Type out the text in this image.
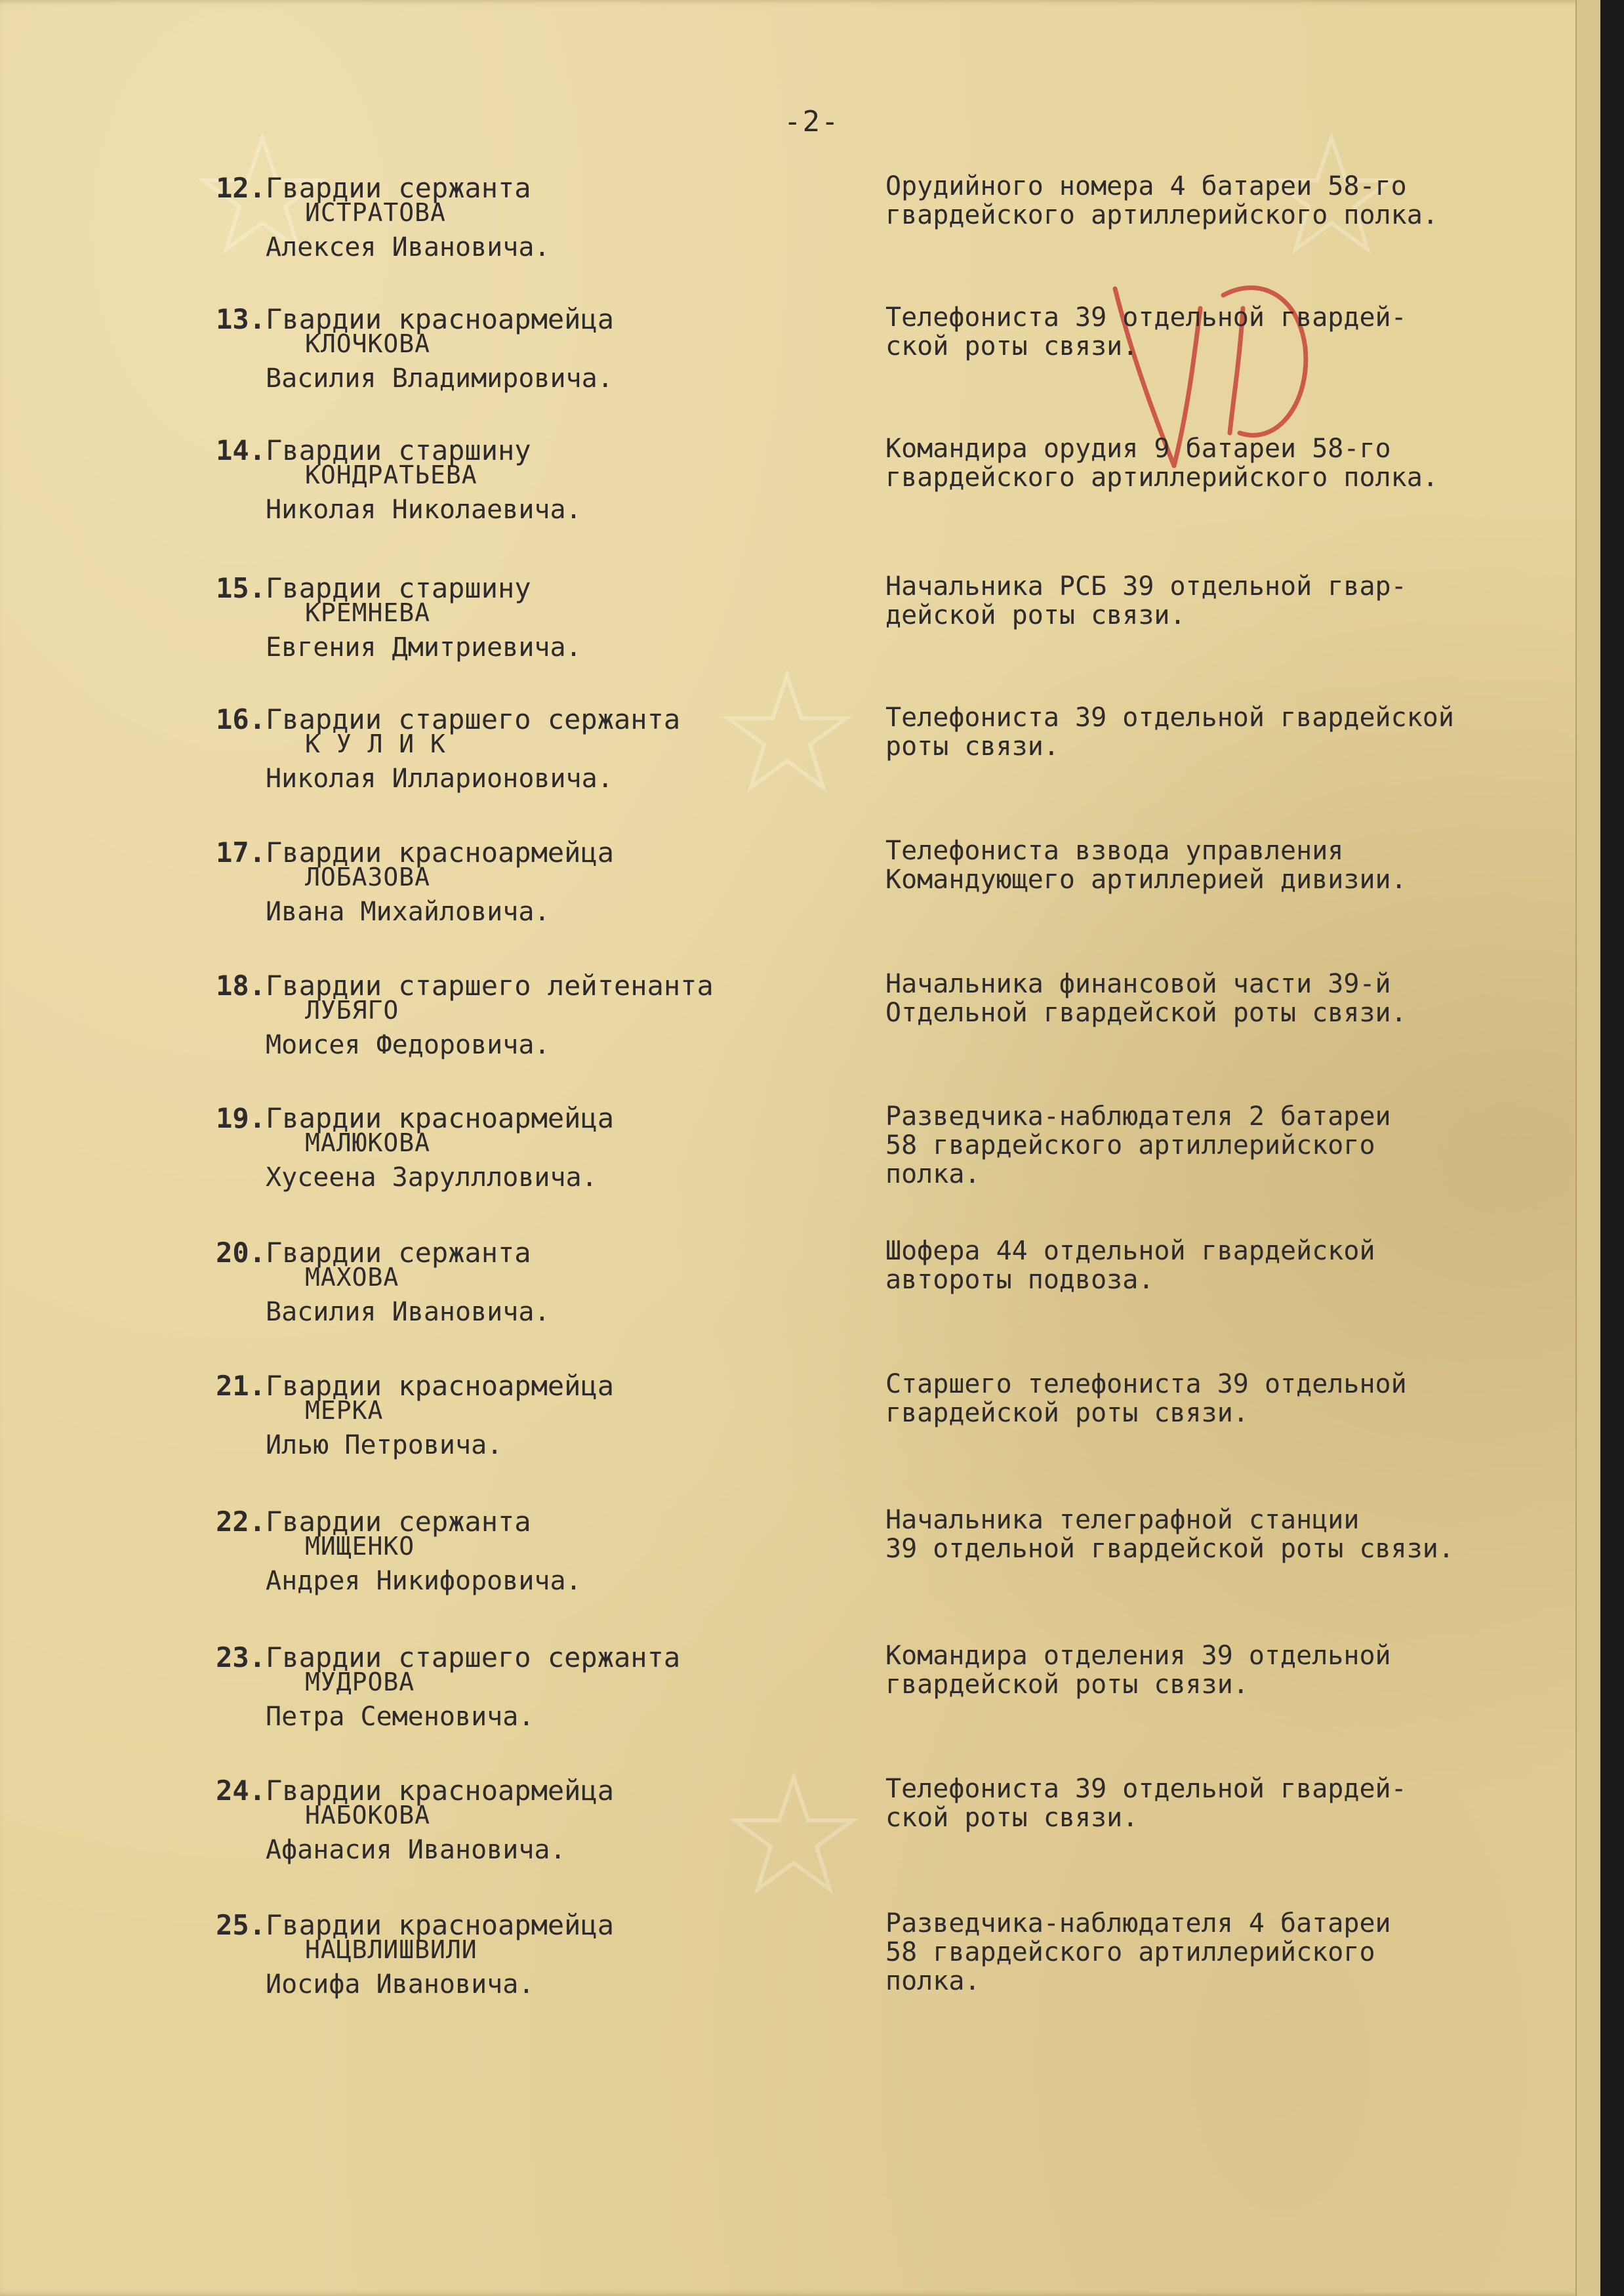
-2-
12. Гвардии сержанта
ИСТРАТОВА
Алексея Ивановича.
Орудийного номера 4 батареи 58-го
гвардейского артиллерийского полка.
13. Гвардии красноармейца
КЛОЧКОВА
Василия Владимировича.
Телефониста 39 отдельной гвардей-
ской роты связи.
14. Гвардии старшину
КОНДРАТЬЕВА
Николая Николаевича.
Командира орудия 9 батареи 58-го
гвардейского артиллерийского полка.
15. Гвардии старшину
КРЕМНЕВА
Евгения Дмитриевича.
Начальника РСБ 39 отдельной гвар-
дейской роты связи.
16. Гвардии старшего сержанта
К У Л И К
Николая Илларионовича.
Телефониста 39 отдельной гвардейской
роты связи.
17. Гвардии красноармейца
ЛОБАЗОВА
Ивана Михайловича.
Телефониста взвода управления
Командующего артиллерией дивизии.
18. Гвардии старшего лейтенанта
ЛУБЯГО
Моисея Федоровича.
Начальника финансовой части 39-й
Отдельной гвардейской роты связи.
19. Гвардии красноармейца
МАЛЮКОВА
Хусеена Заруллловича.
Разведчика-наблюдателя 2 батареи
58 гвардейского артиллерийского
полка.
20. Гвардии сержанта
МАХОВА
Василия Ивановича.
Шофера 44 отдельной гвардейской
автороты подвоза.
21. Гвардии красноармейца
МЕРКА
Илью Петровича.
Старшего телефониста 39 отдельной
гвардейской роты связи.
22. Гвардии сержанта
МИЩЕНКО
Андрея Никифоровича.
Начальника телеграфной станции
39 отдельной гвардейской роты связи.
23. Гвардии старшего сержанта
МУДРОВА
Петра Семеновича.
Командира отделения 39 отдельной
гвардейской роты связи.
24. Гвардии красноармейца
НАБОКОВА
Афанасия Ивановича.
Телефониста 39 отдельной гвардей-
ской роты связи.
25. Гвардии красноармейца
НАЦВЛИШВИЛИ
Иосифа Ивановича.
Разведчика-наблюдателя 4 батареи
58 гвардейского артиллерийского
полка.
